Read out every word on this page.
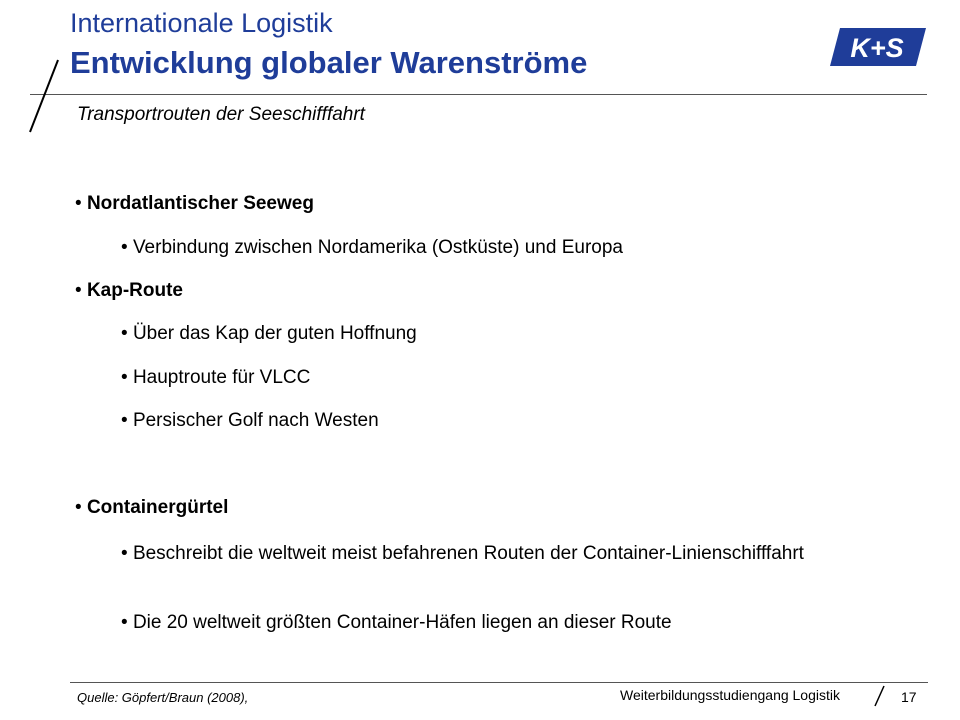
Internationale Logistik
Entwicklung globaler Warenströme	K+S
Transportrouten der Seeschifffahrt
• Nordatlantischer Seeweg
• Verbindung zwischen Nordamerika (Ostküste) und Europa
• Kap-Route
• Über das Kap der guten Hoffnung
• Hauptroute für VLCC
• Persischer Golf nach Westen
• Containergürtel
• Beschreibt die weltweit meist befahrenen Routen der Container-Linienschifffahrt
• Die 20 weltweit größten Container-Häfen liegen an dieser Route
Quelle: Göpfert/Braun (2008),	Weiterbildungsstudiengang Logistik	17
